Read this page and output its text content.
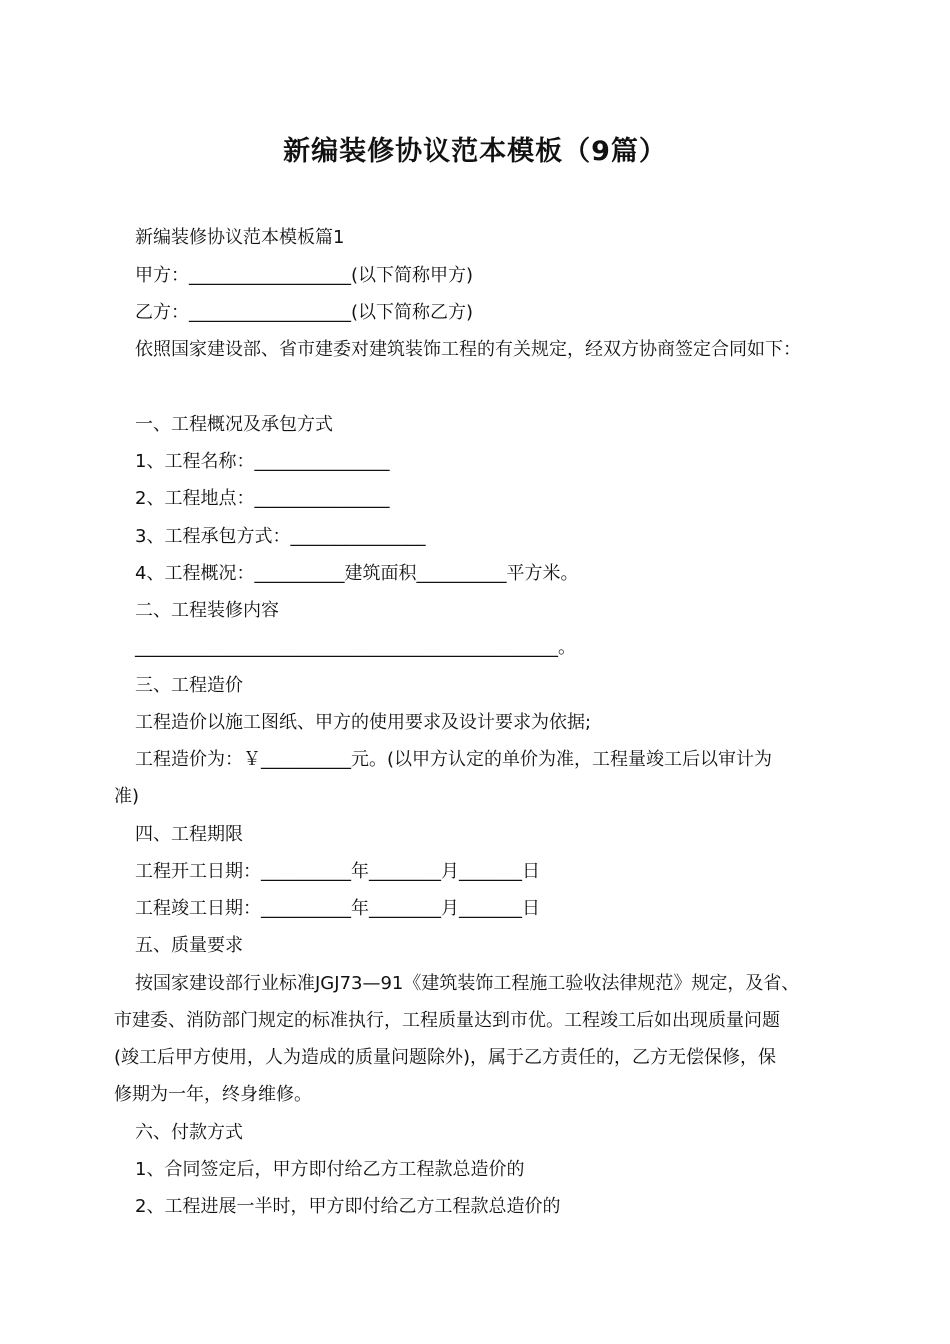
新编装修协议范本模板（9篇）
新编装修协议范本模板篇1
甲方：__________________(以下简称甲方)
乙方：__________________(以下简称乙方)
依照国家建设部、省市建委对建筑装饰工程的有关规定，经双方协商签定合同如下：
一、工程概况及承包方式
1、工程名称：_______________
2、工程地点：_______________
3、工程承包方式：_______________
4、工程概况：__________建筑面积__________平方米。
二、工程装修内容
_______________________________________________。
三、工程造价
工程造价以施工图纸、甲方的使用要求及设计要求为依据;
工程造价为：￥__________元。(以甲方认定的单价为准，工程量竣工后以审计为
准)
四、工程期限
工程开工日期：__________年________月_______日
工程竣工日期：__________年________月_______日
五、质量要求
按国家建设部行业标准JGJ73—91《建筑装饰工程施工验收法律规范》规定，及省、
市建委、消防部门规定的标准执行，工程质量达到市优。工程竣工后如出现质量问题
(竣工后甲方使用，人为造成的质量问题除外)，属于乙方责任的，乙方无偿保修，保
修期为一年，终身维修。
六、付款方式
1、合同签定后，甲方即付给乙方工程款总造价的
2、工程进展一半时，甲方即付给乙方工程款总造价的
